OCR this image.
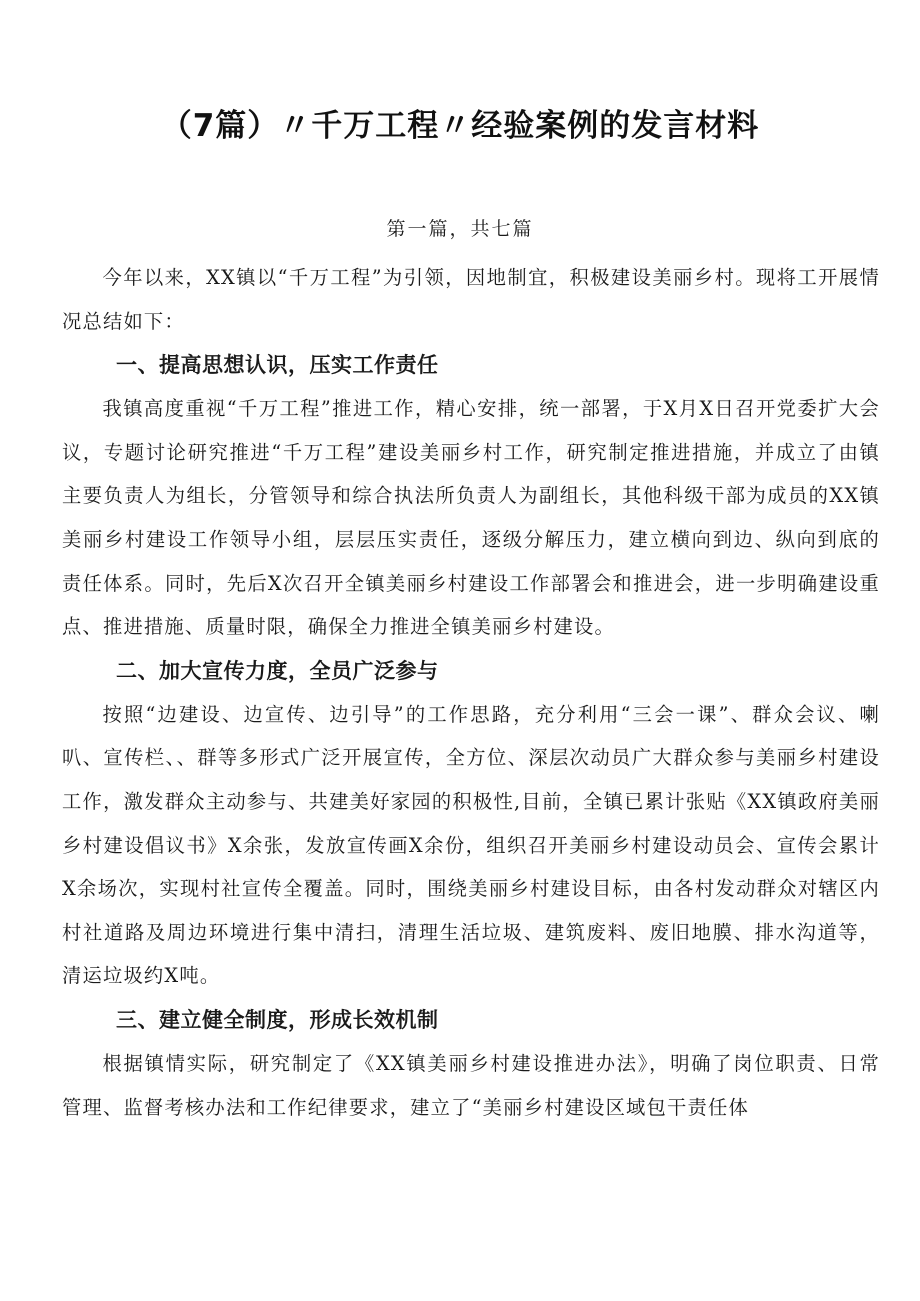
（7篇）〃千万工程〃经验案例的发言材料
第一篇，共七篇

今年以来，XX镇以“千万工程”为引领，因地制宜，积极建设美丽乡村。现将工开展情况总结如下：

一、提高思想认识，压实工作责任

我镇高度重视“千万工程”推进工作，精心安排，统一部署，于X月X日召开党委扩大会议，专题讨论研究推进“千万工程”建设美丽乡村工作，研究制定推进措施，并成立了由镇主要负责人为组长，分管领导和综合执法所负责人为副组长，其他科级干部为成员的XX镇美丽乡村建设工作领导小组，层层压实责任，逐级分解压力，建立横向到边、纵向到底的责任体系。同时，先后X次召开全镇美丽乡村建设工作部署会和推进会，进一步明确建设重点、推进措施、质量时限，确保全力推进全镇美丽乡村建设。

二、加大宣传力度，全员广泛参与

按照“边建设、边宣传、边引导”的工作思路，充分利用“三会一课”、群众会议、喇叭、宣传栏、、群等多形式广泛开展宣传，全方位、深层次动员广大群众参与美丽乡村建设工作，激发群众主动参与、共建美好家园的积极性,目前，全镇已累计张贴《XX镇政府美丽乡村建设倡议书》X余张，发放宣传画X余份，组织召开美丽乡村建设动员会、宣传会累计X余场次，实现村社宣传全覆盖。同时，围绕美丽乡村建设目标，由各村发动群众对辖区内村社道路及周边环境进行集中清扫，清理生活垃圾、建筑废料、废旧地膜、排水沟道等，清运垃圾约X吨。

三、建立健全制度，形成长效机制

根据镇情实际，研究制定了《XX镇美丽乡村建设推进办法》，明确了岗位职责、日常管理、监督考核办法和工作纪律要求，建立了“美丽乡村建设区域包干责任体
